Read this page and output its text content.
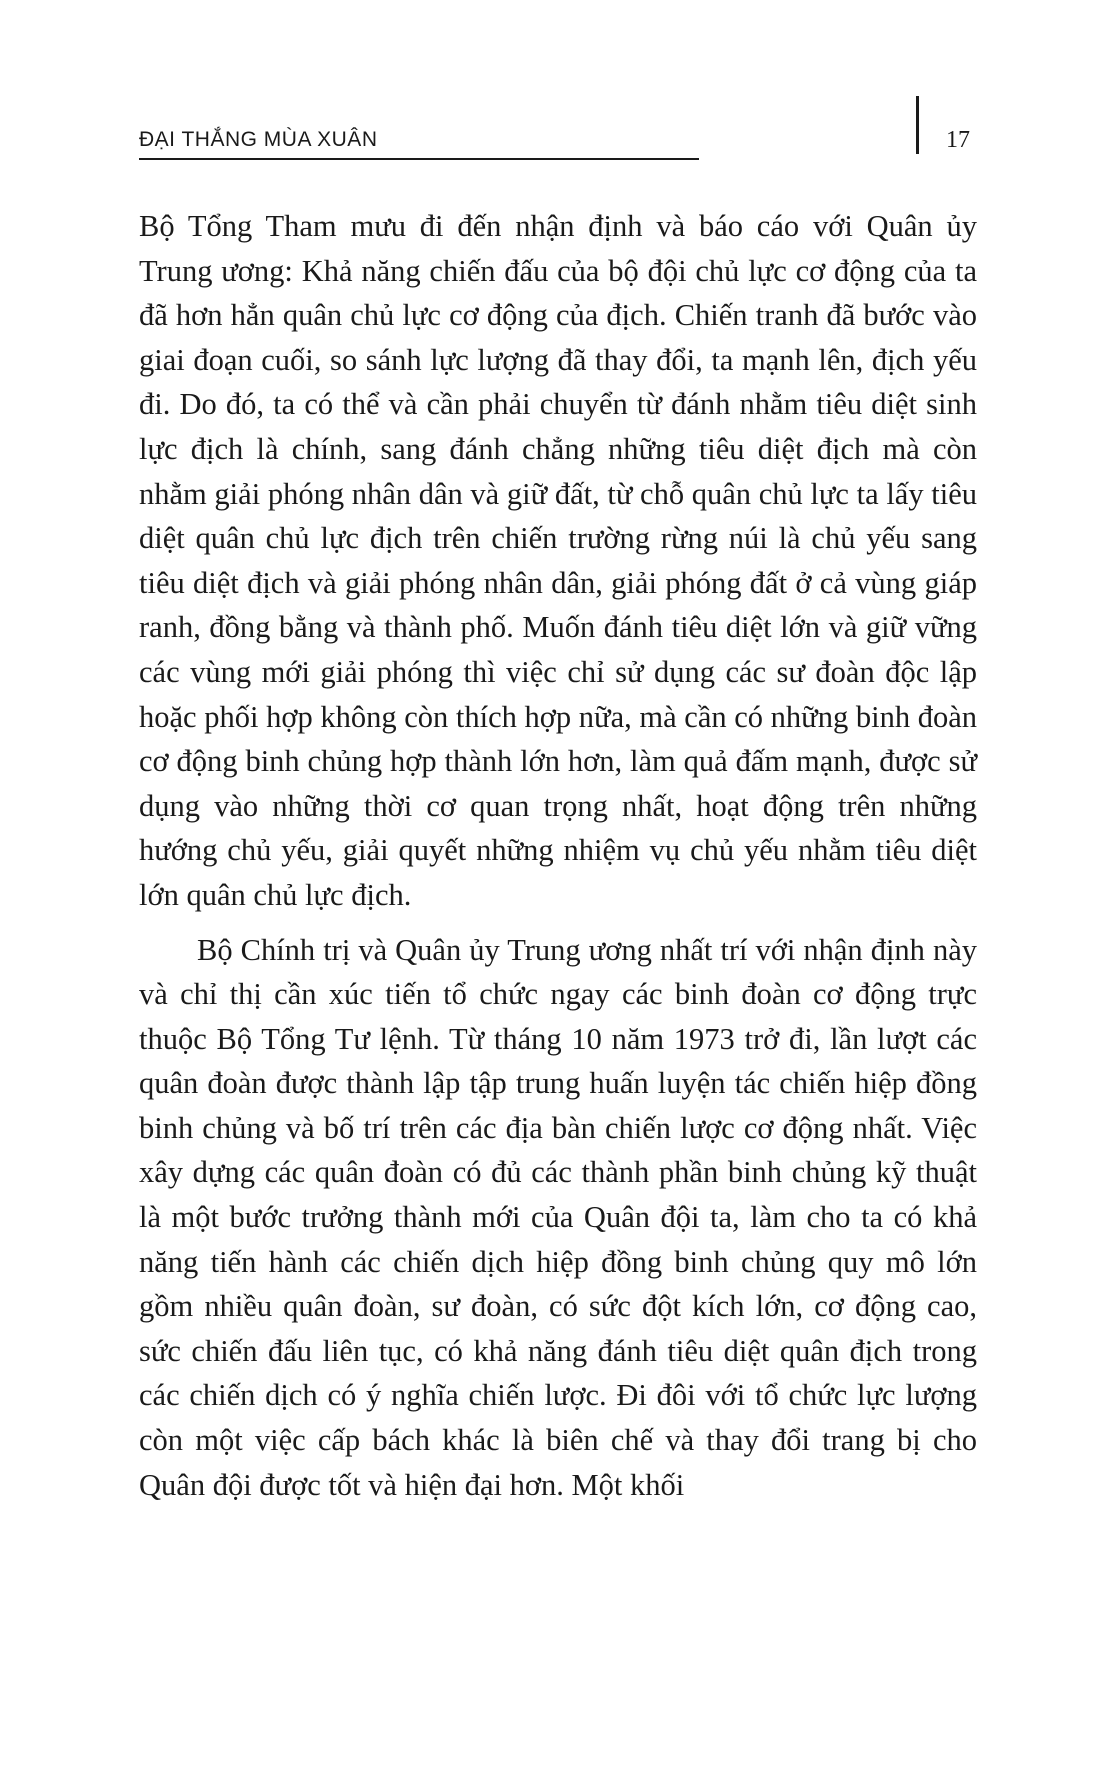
ĐẠI THẮNG MÙA XUÂN	17

Bộ Tổng Tham mưu đi đến nhận định và báo cáo với Quân ủy Trung ương: Khả năng chiến đấu của bộ đội chủ lực cơ động của ta đã hơn hẳn quân chủ lực cơ động của địch. Chiến tranh đã bước vào giai đoạn cuối, so sánh lực lượng đã thay đổi, ta mạnh lên, địch yếu đi. Do đó, ta có thể và cần phải chuyển từ đánh nhằm tiêu diệt sinh lực địch là chính, sang đánh chẳng những tiêu diệt địch mà còn nhằm giải phóng nhân dân và giữ đất, từ chỗ quân chủ lực ta lấy tiêu diệt quân chủ lực địch trên chiến trường rừng núi là chủ yếu sang tiêu diệt địch và giải phóng nhân dân, giải phóng đất ở cả vùng giáp ranh, đồng bằng và thành phố. Muốn đánh tiêu diệt lớn và giữ vững các vùng mới giải phóng thì việc chỉ sử dụng các sư đoàn độc lập hoặc phối hợp không còn thích hợp nữa, mà cần có những binh đoàn cơ động binh chủng hợp thành lớn hơn, làm quả đấm mạnh, được sử dụng vào những thời cơ quan trọng nhất, hoạt động trên những hướng chủ yếu, giải quyết những nhiệm vụ chủ yếu nhằm tiêu diệt lớn quân chủ lực địch.

Bộ Chính trị và Quân ủy Trung ương nhất trí với nhận định này và chỉ thị cần xúc tiến tổ chức ngay các binh đoàn cơ động trực thuộc Bộ Tổng Tư lệnh. Từ tháng 10 năm 1973 trở đi, lần lượt các quân đoàn được thành lập tập trung huấn luyện tác chiến hiệp đồng binh chủng và bố trí trên các địa bàn chiến lược cơ động nhất. Việc xây dựng các quân đoàn có đủ các thành phần binh chủng kỹ thuật là một bước trưởng thành mới của Quân đội ta, làm cho ta có khả năng tiến hành các chiến dịch hiệp đồng binh chủng quy mô lớn gồm nhiều quân đoàn, sư đoàn, có sức đột kích lớn, cơ động cao, sức chiến đấu liên tục, có khả năng đánh tiêu diệt quân địch trong các chiến dịch có ý nghĩa chiến lược. Đi đôi với tổ chức lực lượng còn một việc cấp bách khác là biên chế và thay đổi trang bị cho Quân đội được tốt và hiện đại hơn. Một khối
